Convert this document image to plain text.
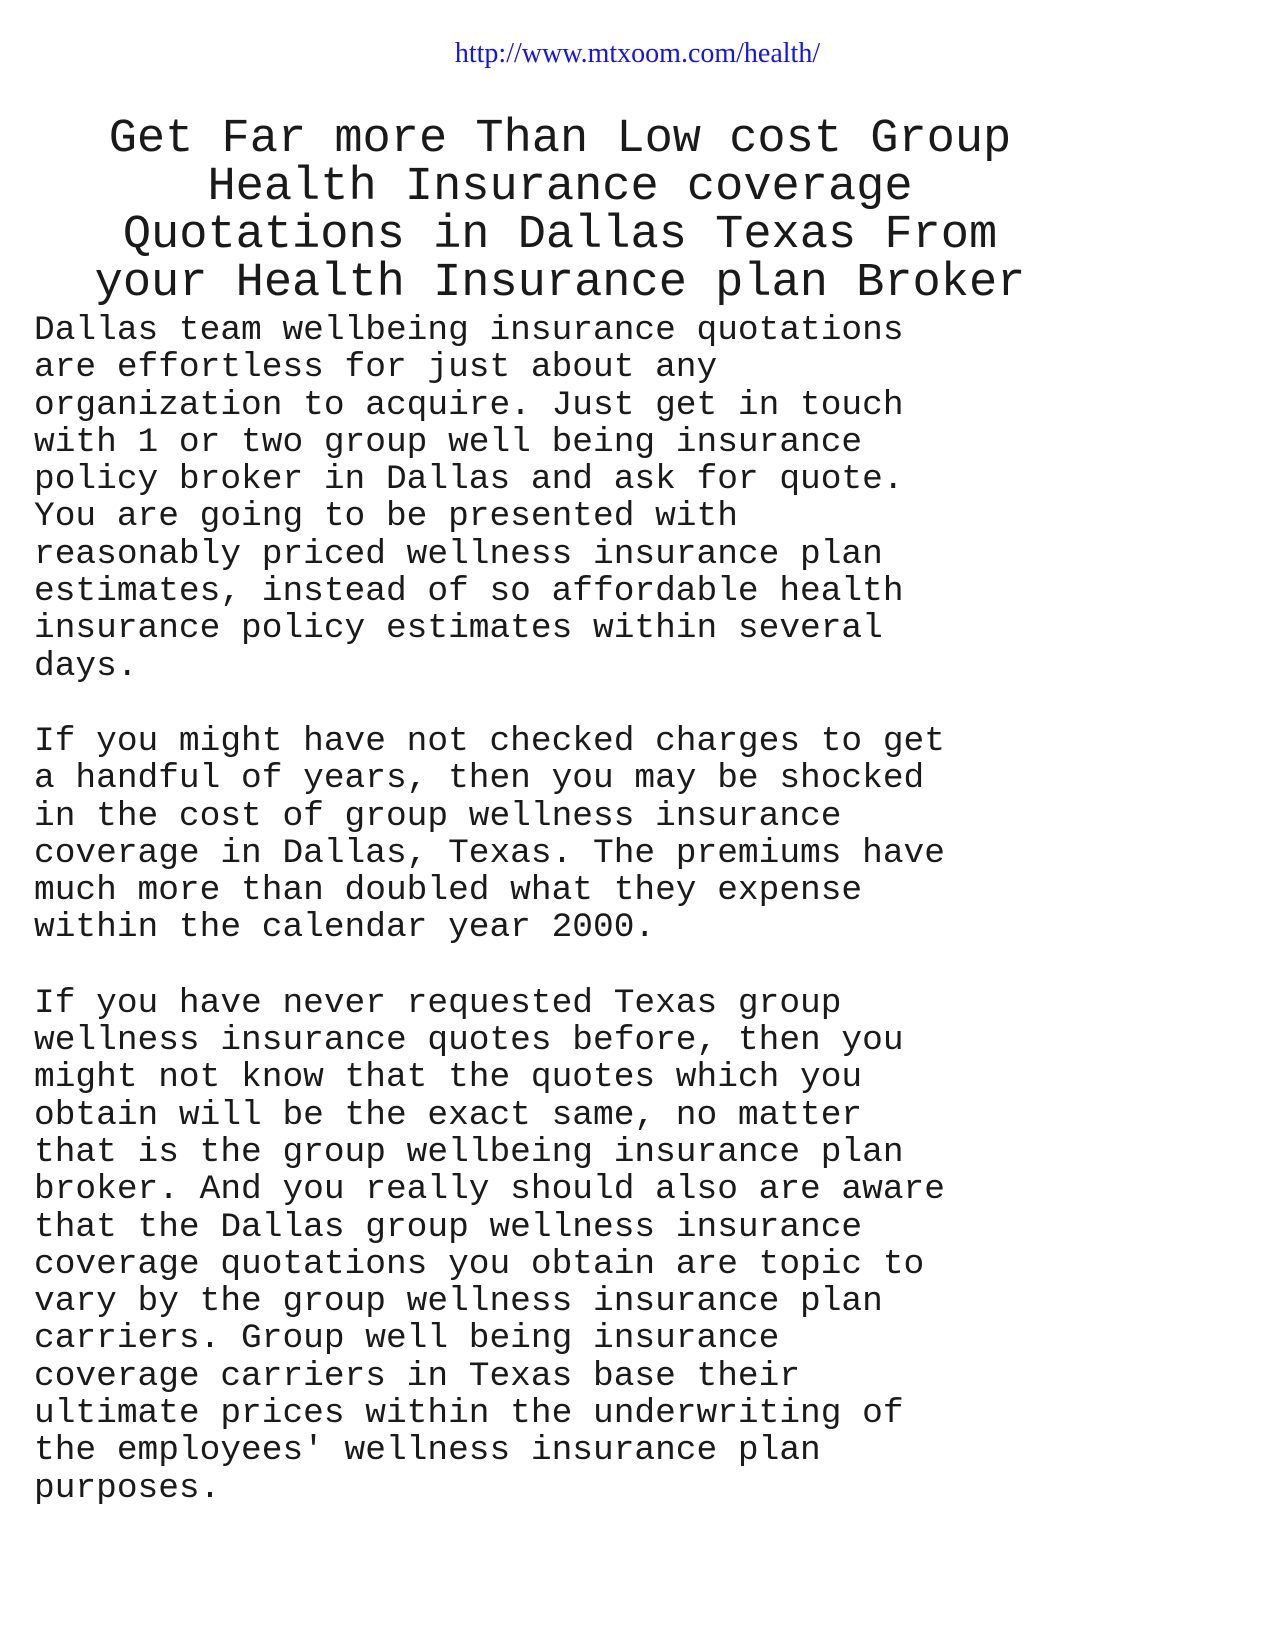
http://www.mtxoom.com/health/
Get Far more Than Low cost Group
Health Insurance coverage
Quotations in Dallas Texas From
your Health Insurance plan Broker

Dallas team wellbeing insurance quotations
are effortless for just about any
organization to acquire. Just get in touch
with 1 or two group well being insurance
policy broker in Dallas and ask for quote.
You are going to be presented with
reasonably priced wellness insurance plan
estimates, instead of so affordable health
insurance policy estimates within several
days.

If you might have not checked charges to get
a handful of years, then you may be shocked
in the cost of group wellness insurance
coverage in Dallas, Texas. The premiums have
much more than doubled what they expense
within the calendar year 2000.

If you have never requested Texas group
wellness insurance quotes before, then you
might not know that the quotes which you
obtain will be the exact same, no matter
that is the group wellbeing insurance plan
broker. And you really should also are aware
that the Dallas group wellness insurance
coverage quotations you obtain are topic to
vary by the group wellness insurance plan
carriers. Group well being insurance
coverage carriers in Texas base their
ultimate prices within the underwriting of
the employees' wellness insurance plan
purposes.
